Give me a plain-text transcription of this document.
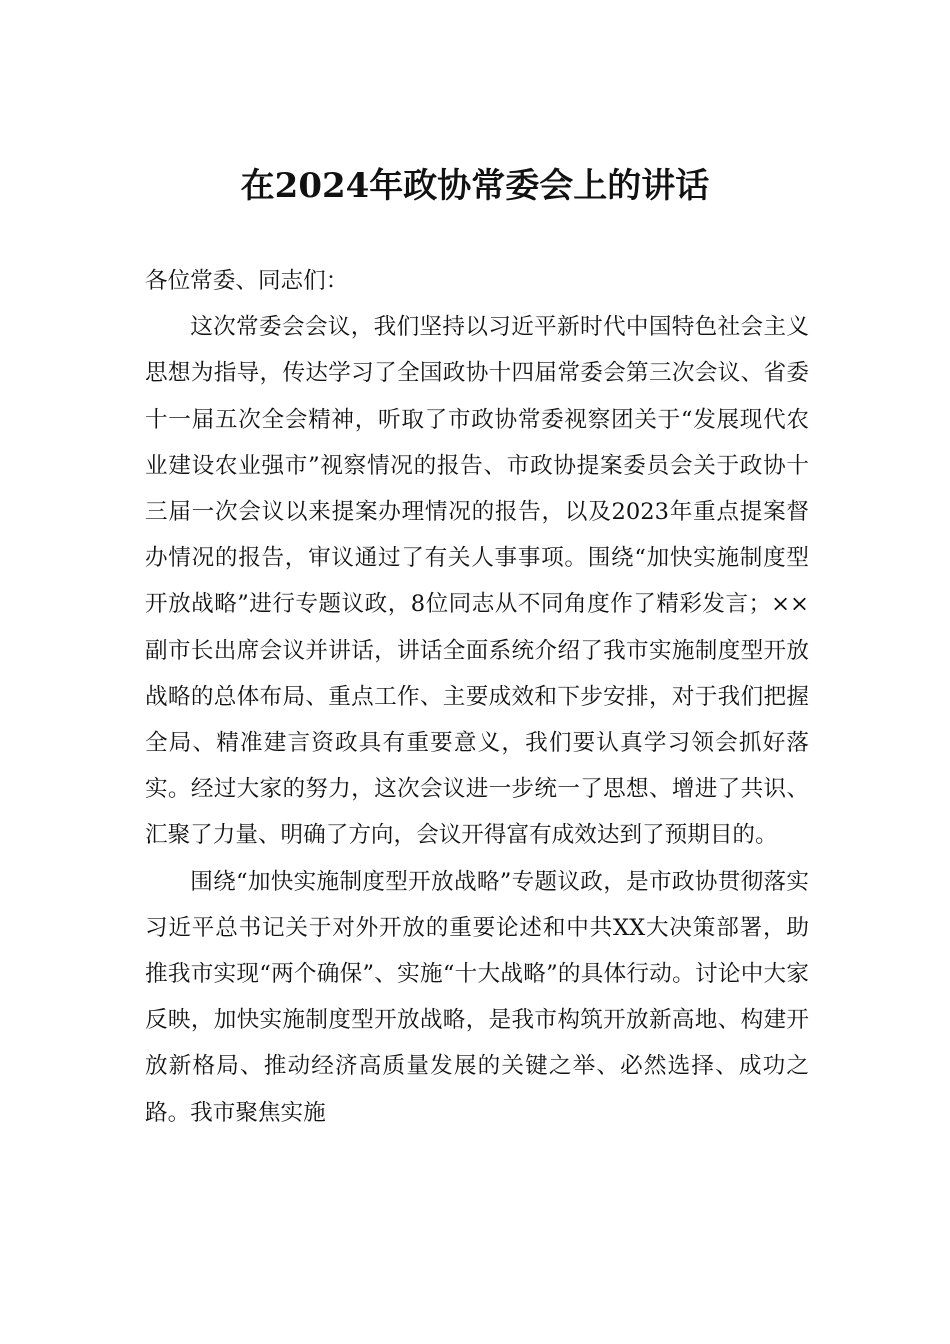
在2024年政协常委会上的讲话

各位常委、同志们：

这次常委会会议，我们坚持以习近平新时代中国特色社会主义思想为指导，传达学习了全国政协十四届常委会第三次会议、省委十一届五次全会精神，听取了市政协常委视察团关于“发展现代农业建设农业强市”视察情况的报告、市政协提案委员会关于政协十三届一次会议以来提案办理情况的报告，以及2023年重点提案督办情况的报告，审议通过了有关人事事项。围绕“加快实施制度型开放战略”进行专题议政，8位同志从不同角度作了精彩发言；××副市长出席会议并讲话，讲话全面系统介绍了我市实施制度型开放战略的总体布局、重点工作、主要成效和下步安排，对于我们把握全局、精准建言资政具有重要意义，我们要认真学习领会抓好落实。经过大家的努力，这次会议进一步统一了思想、增进了共识、汇聚了力量、明确了方向，会议开得富有成效达到了预期目的。

围绕“加快实施制度型开放战略”专题议政，是市政协贯彻落实习近平总书记关于对外开放的重要论述和中共XX大决策部署，助推我市实现“两个确保”、实施“十大战略”的具体行动。讨论中大家反映，加快实施制度型开放战略，是我市构筑开放新高地、构建开放新格局、推动经济高质量发展的关键之举、必然选择、成功之路。我市聚焦实施
